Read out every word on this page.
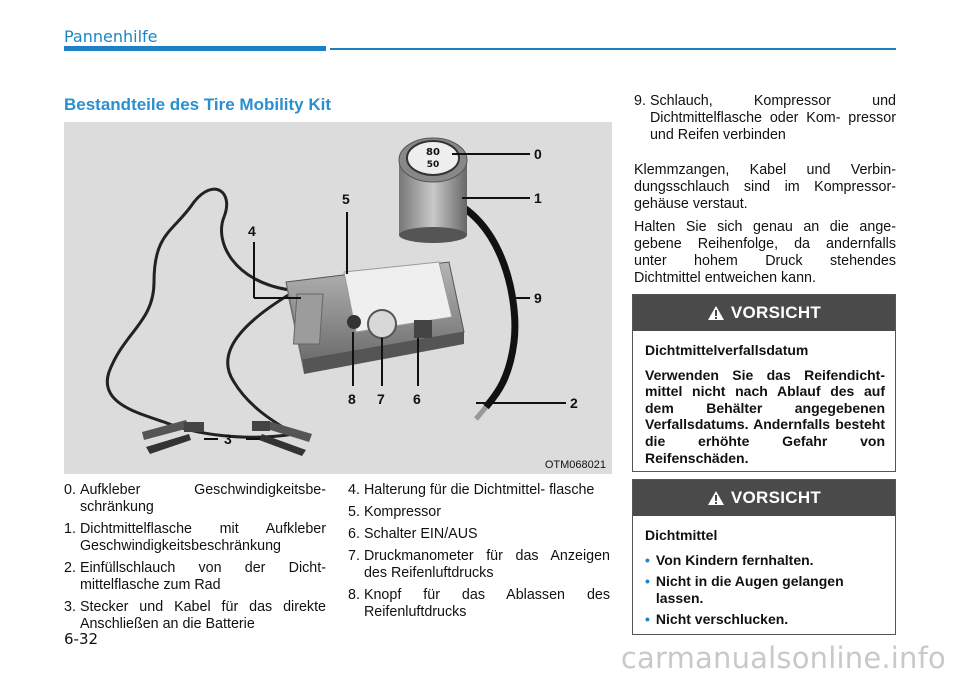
Pannenhilfe
Bestandteile des Tire Mobility Kit
80
50
0
1
2
3
4
5
6
7
8
9
OTM068021
0. Aufkleber Geschwindigkeitsbe- schränkung
1. Dichtmittelflasche mit Aufkleber Geschwindigkeitsbeschränkung
2. Einfüllschlauch von der Dicht- mittelflasche zum Rad
3. Stecker und Kabel für das direkte Anschließen an die Batterie
4. Halterung für die Dichtmittel- flasche
5. Kompressor
6. Schalter EIN/AUS
7. Druckmanometer für das Anzeigen des Reifenluftdrucks
8. Knopf für das Ablassen des Reifenluftdrucks
9. Schlauch, Kompressor und Dichtmittelflasche oder Kom- pressor und Reifen verbinden
Klemmzangen, Kabel und Verbin- dungsschlauch sind im Kompressor- gehäuse verstaut.
Halten Sie sich genau an die ange- gebene Reihenfolge, da andernfalls unter hohem Druck stehendes Dichtmittel entweichen kann.
VORSICHT

Dichtmittelverfallsdatum

Verwenden Sie das Reifendicht- mittel nicht nach Ablauf des auf dem Behälter angegebenen Verfallsdatums. Andernfalls besteht die erhöhte Gefahr von Reifenschäden.

VORSICHT

Dichtmittel

• Von Kindern fernhalten.
• Nicht in die Augen gelangen lassen.
• Nicht verschlucken.
6-32
carmanualsonline.info
